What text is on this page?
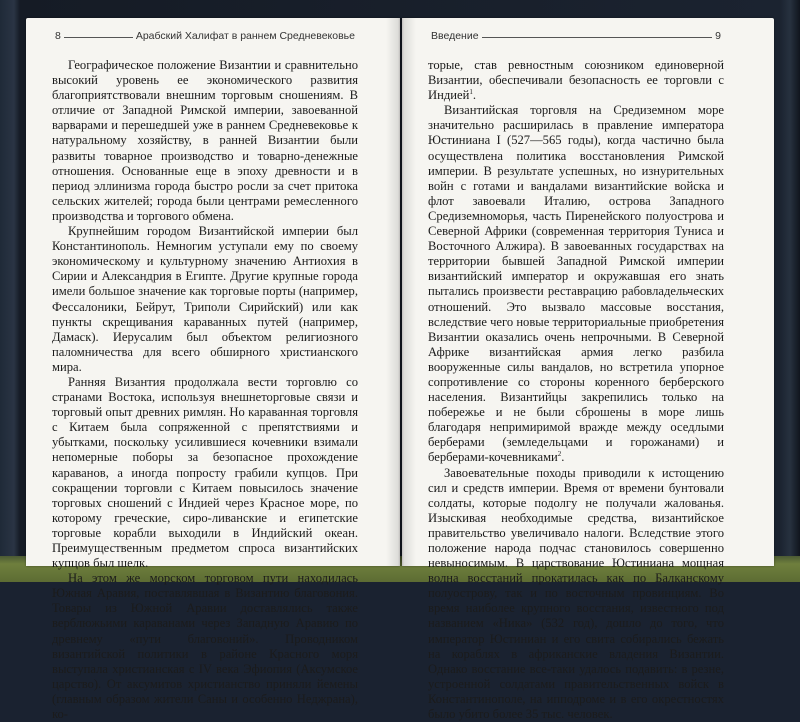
8	Арабский Халифат в раннем Средневековье	Введение	9

Географическое положение Византии и сравнительно высокий уровень ее экономического развития благоприятствовали внешним торговым сношениям. В отличие от Западной Римской империи, завоеванной варварами и перешедшей уже в раннем Средневековье к натуральному хозяйству, в ранней Византии были развиты товарное производство и товарно-денежные отношения. Основанные еще в эпоху древности и в период эллинизма города быстро росли за счет притока сельских жителей; города были центрами ремесленного производства и торгового обмена.

Крупнейшим городом Византийской империи был Константинополь. Немногим уступали ему по своему экономическому и культурному значению Антиохия в Сирии и Александрия в Египте. Другие крупные города имели большое значение как торговые порты (например, Фессалоники, Бейрут, Триполи Сирийский) или как пункты скрещивания караванных путей (например, Дамаск). Иерусалим был объектом религиозного паломничества для всего обширного христианского мира.

Ранняя Византия продолжала вести торговлю со странами Востока, используя внешнеторговые связи и торговый опыт древних римлян. Но караванная торговля с Китаем была сопряженной с препятствиями и убытками, поскольку усилившиеся кочевники взимали непомерные поборы за безопасное прохождение караванов, а иногда попросту грабили купцов. При сокращении торговли с Китаем повысилось значение торговых сношений с Индией через Красное море, по которому греческие, сиро-ливанские и египетские торговые корабли выходили в Индийский океан. Преимущественным предметом спроса византийских купцов был шелк.

На этом же морском торговом пути находилась Южная Аравия, поставлявшая в Византию благовония. Товары из Южной Аравии доставлялись также верблюжьими караванами через Западную Аравию по древнему «пути благовоний». Проводником византийской политики в районе Красного моря выступала христианская с IV века Эфиопия (Аксумское царство). От аксумитов христианство приняли йемены (главным образом жители Саны и особенно Неджрана), ко-

торые, став ревностным союзником единоверной Византии, обеспечивали безопасность ее торговли с Индией$^1$.

Византийская торговля на Средиземном море значительно расширилась в правление императора Юстиниана I (527—565 годы), когда частично была осуществлена политика восстановления Римской империи. В результате успешных, но изнурительных войн с готами и вандалами византийские войска и флот завоевали Италию, острова Западного Средиземноморья, часть Пиренейского полуострова и Северной Африки (современная территория Туниса и Восточного Алжира). В завоеванных государствах на территории бывшей Западной Римской империи византийский император и окружавшая его знать пытались произвести реставрацию рабовладельческих отношений. Это вызвало массовые восстания, вследствие чего новые территориальные приобретения Византии оказались очень непрочными. В Северной Африке византийская армия легко разбила вооруженные силы вандалов, но встретила упорное сопротивление со стороны коренного берберского населения. Византийцы закрепились только на побережье и не были сброшены в море лишь благодаря непримиримой вражде между оседлыми берберами (земледельцами и горожанами) и берберами-кочевниками$^2$.

Завоевательные походы приводили к истощению сил и средств империи. Время от времени бунтовали солдаты, которые подолгу не получали жалованья. Изыскивая необходимые средства, византийское правительство увеличивало налоги. Вследствие этого положение народа подчас становилось совершенно невыносимым. В царствование Юстиниана мощная волна восстаний прокатилась как по Балканскому полуострову, так и по восточным провинциям. Во время наиболее крупного восстания, известного под названием «Ника» (532 год), дошло до того, что император Юстиниан и его свита собирались бежать на кораблях в африканские владения Византии. Однако восстание все-таки удалось подавить: в резне, устроенной солдатами правительственных войск в Константинополе, на ипподроме и в его окрестностях было убито более 35 тыс. человек.
